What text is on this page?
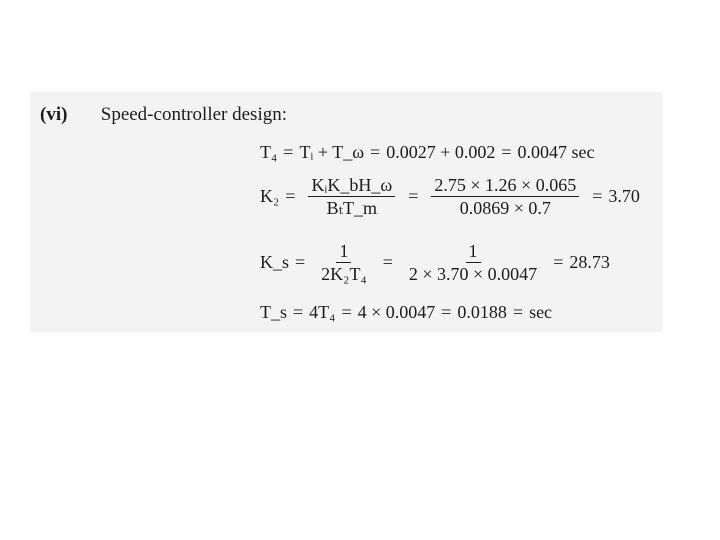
(vi) Speed-controller design:
T₄ = Tᵢ + T_ω = 0.0027 + 0.002 = 0.0047 sec
$K_2 = \frac{\text{KᵢK\_bH\_ω}}{\text{BₜT\_m}} = \frac{2.75 \times 1.26 \times 0.065}{0.0869 \times 0.7} = 3.70$
K_s = $\frac{1}{\text{2K₂T₄}} = \frac{1}{2 \times 3.70 \times 0.0047} = 28.73$
T_s = 4T₄ = 4 × 0.0047 = 0.0188 = sec
